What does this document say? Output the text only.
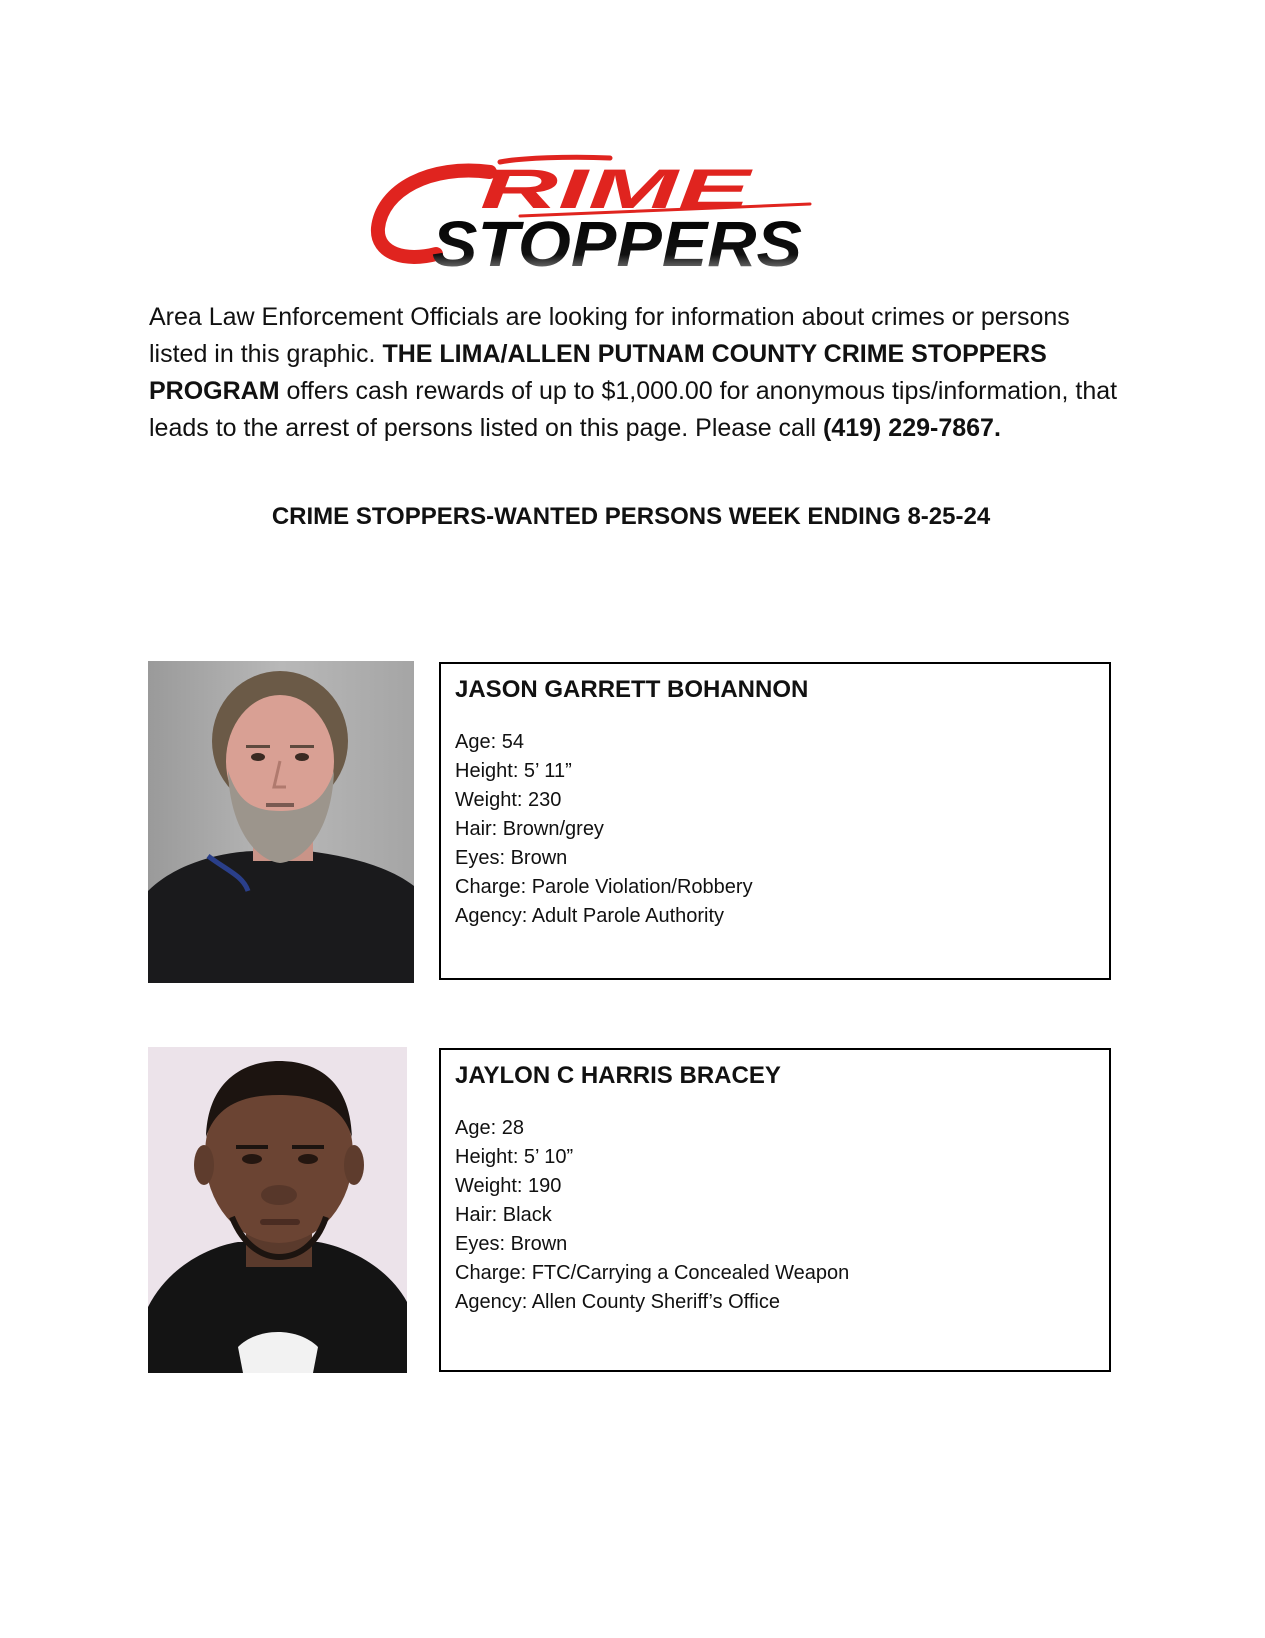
RIME
STOPPERS

Area Law Enforcement Officials are looking for information about crimes or persons listed in this graphic. THE LIMA/ALLEN PUTNAM COUNTY CRIME STOPPERS PROGRAM offers cash rewards of up to $1,000.00 for anonymous tips/information, that leads to the arrest of persons listed on this page. Please call (419) 229-7867.

CRIME STOPPERS-WANTED PERSONS WEEK ENDING 8-25-24
JASON GARRETT BOHANNON
Age: 54
Height: 5’ 11”
Weight: 230
Hair: Brown/grey
Eyes: Brown
Charge: Parole Violation/Robbery
Agency: Adult Parole Authority
JAYLON C HARRIS BRACEY
Age: 28
Height: 5’ 10”
Weight: 190
Hair: Black
Eyes: Brown
Charge: FTC/Carrying a Concealed Weapon
Agency: Allen County Sheriff’s Office
